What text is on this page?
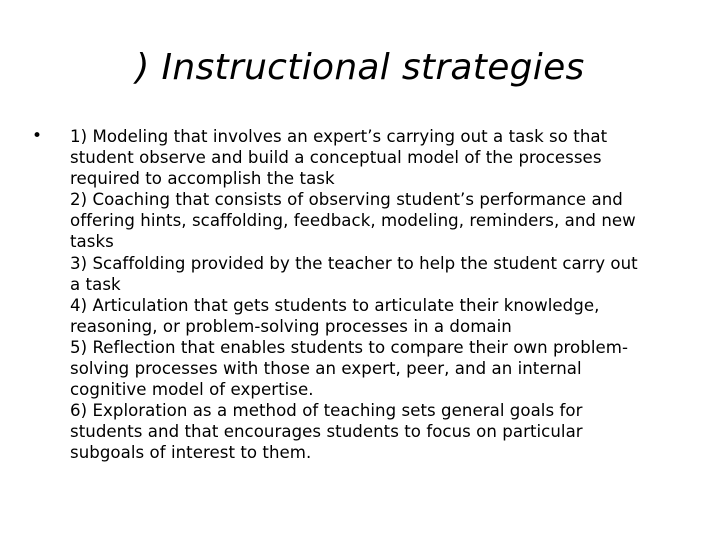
) Instructional strategies
• 1) Modeling that involves an expert’s carrying out a task so that
student observe and build a conceptual model of the processes
required to accomplish the task
2) Coaching that consists of observing student’s performance and
offering hints, scaffolding, feedback, modeling, reminders, and new
tasks
3) Scaffolding provided by the teacher to help the student carry out
a task
4) Articulation that gets students to articulate their knowledge,
reasoning, or problem-solving processes in a domain
5) Reflection that enables students to compare their own problem-
solving processes with those an expert, peer, and an internal
cognitive model of expertise.
6) Exploration as a method of teaching sets general goals for
students and that encourages students to focus on particular
subgoals of interest to them.
